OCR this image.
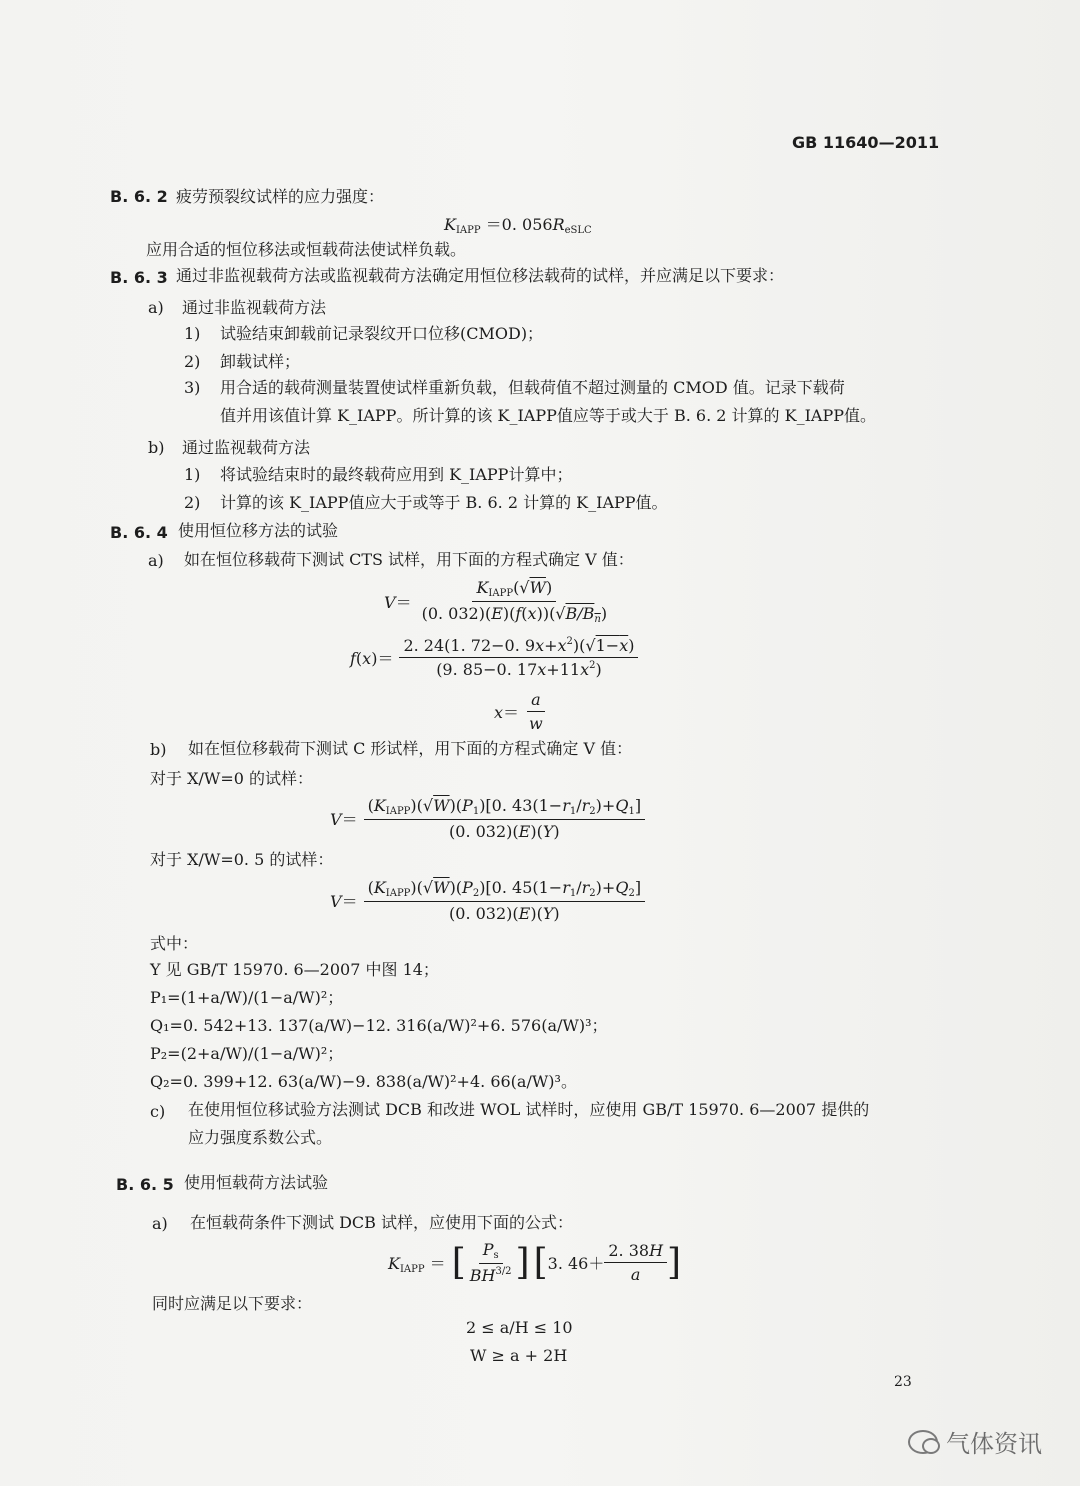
GB 11640—2011
B. 6. 2 疲劳预裂纹试样的应力强度：
$K_{IAPP} =0$. $056R_{eSLC}$
应用合适的恒位移法或恒载荷法使试样负载。
B. 6. 3 通过非监视载荷方法或监视载荷方法确定用恒位移法载荷的试样，并应满足以下要求：
a) 通过非监视载荷方法
1) 试验结束卸载前记录裂纹开口位移(CMOD)；
2) 卸载试样；
3) 用合适的载荷测量装置使试样重新负载，但载荷值不超过测量的 CMOD 值。记录下载荷
值并用该值计算 K_IAPP。所计算的该 K_IAPP值应等于或大于 B. 6. 2 计算的 K_IAPP值。
b) 通过监视载荷方法
1) 将试验结束时的最终载荷应用到 K_IAPP计算中；
2) 计算的该 K_IAPP值应大于或等于 B. 6. 2 计算的 K_IAPP值。
B. 6. 4 使用恒位移方法的试验
a) 如在恒位移载荷下测试 CTS 试样，用下面的方程式确定 V 值：
$V= \frac{K_{IAPP}(√W)}{(0. 032)(E)(f(x))(√B/B_n)}$
$f(x)= \frac{2. 24(1. 72-0. 9x+x^2)(√1-x)}{(9. 85-0. 17x+11x^2)}$
$x= \frac{a}{w}$
b) 如在恒位移载荷下测试 C 形试样，用下面的方程式确定 V 值：
对于 X/W=0 的试样：
$V= \frac{(K_{IAPP})(√W)(P_1)[0. 43(1-r_1/r_2)+Q_1]}{(0. 032)(E)(Y)}$
对于 X/W=0. 5 的试样：
$V= \frac{(K_{IAPP})(√W)(P_2)[0. 45(1-r_1/r_2)+Q_2]}{(0. 032)(E)(Y)}$
式中：
Y 见 GB/T 15970. 6—2007 中图 14；
P₁=(1+a/W)/(1−a/W)²；
Q₁=0. 542+13. 137(a/W)−12. 316(a/W)²+6. 576(a/W)³；
P₂=(2+a/W)/(1−a/W)²；
Q₂=0. 399+12. 63(a/W)−9. 838(a/W)²+4. 66(a/W)³。
c) 在使用恒位移试验方法测试 DCB 和改进 WOL 试样时，应使用 GB/T 15970. 6—2007 提供的
应力强度系数公式。
B. 6. 5 使用恒载荷方法试验
a) 在恒载荷条件下测试 DCB 试样，应使用下面的公式：
$K_{IAPP}$ ＝ [ $\frac{P_s}{BH^{3/2}}$ ] [ 3. $46+ \frac{2. 38H}{a}$ ]
同时应满足以下要求：
2 ≤ a/H ≤ 10
W ≥ a + 2H
23
气体资讯
